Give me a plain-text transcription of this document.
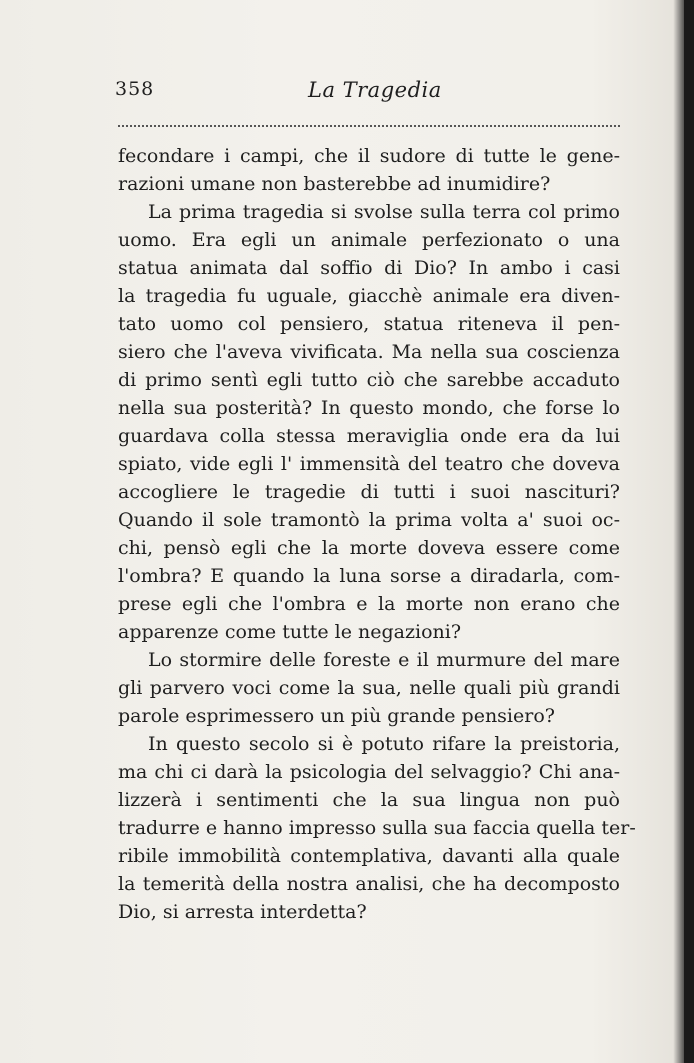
358	La Tragedia
fecondare i campi, che il sudore di tutte le gene-
razioni umane non basterebbe ad inumidire?
La prima tragedia si svolse sulla terra col primo
uomo. Era egli un animale perfezionato o una
statua animata dal soffio di Dio? In ambo i casi
la tragedia fu uguale, giacchè animale era diven-
tato uomo col pensiero, statua riteneva il pen-
siero che l'aveva vivificata. Ma nella sua coscienza
di primo sentì egli tutto ciò che sarebbe accaduto
nella sua posterità? In questo mondo, che forse lo
guardava colla stessa meraviglia onde era da lui
spiato, vide egli l' immensità del teatro che doveva
accogliere le tragedie di tutti i suoi nascituri?
Quando il sole tramontò la prima volta a' suoi oc-
chi, pensò egli che la morte doveva essere come
l'ombra? E quando la luna sorse a diradarla, com-
prese egli che l'ombra e la morte non erano che
apparenze come tutte le negazioni?
Lo stormire delle foreste e il murmure del mare
gli parvero voci come la sua, nelle quali più grandi
parole esprimessero un più grande pensiero?
In questo secolo si è potuto rifare la preistoria,
ma chi ci darà la psicologia del selvaggio? Chi ana-
lizzerà i sentimenti che la sua lingua non può
tradurre e hanno impresso sulla sua faccia quella ter-
ribile immobilità contemplativa, davanti alla quale
la temerità della nostra analisi, che ha decomposto
Dio, si arresta interdetta?
